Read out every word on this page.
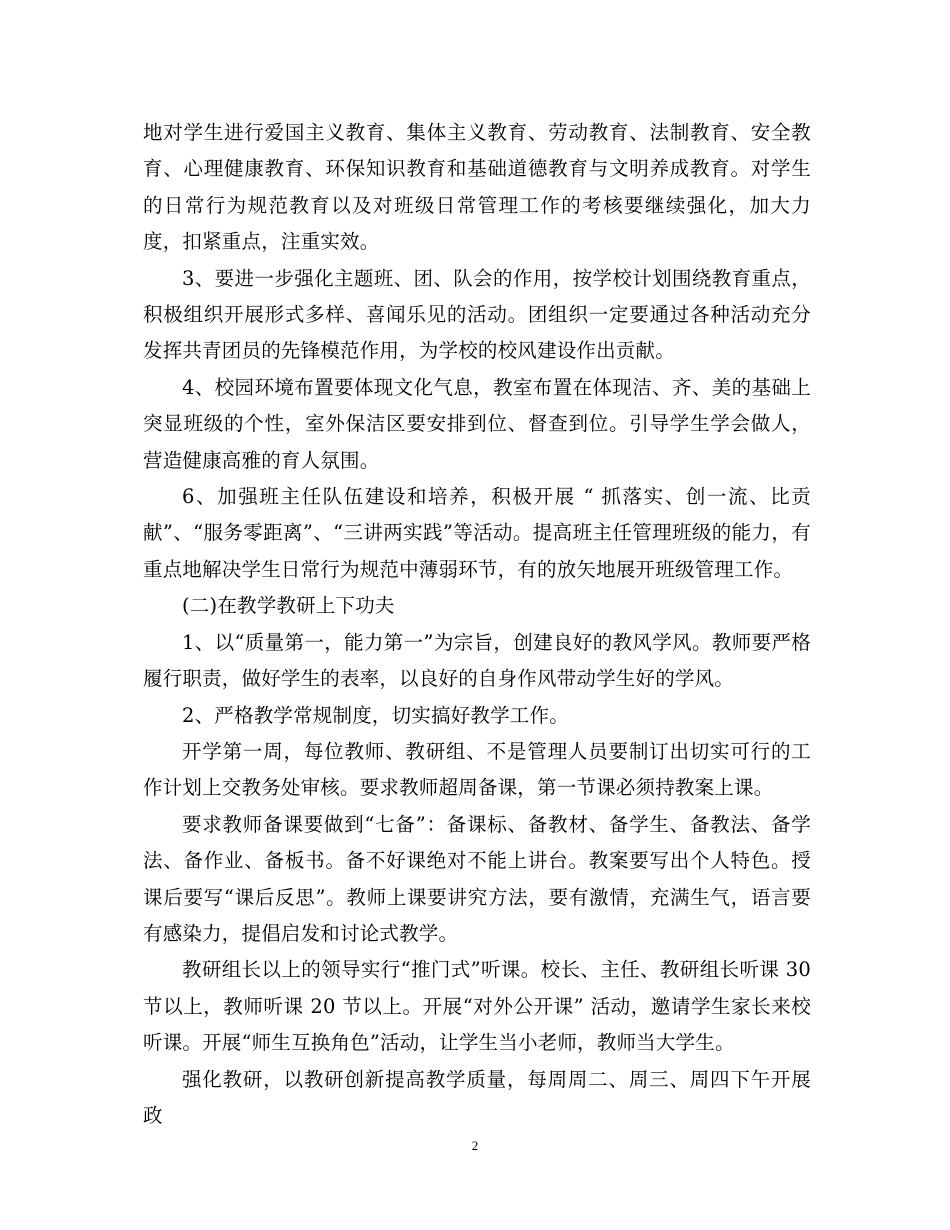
地对学生进行爱国主义教育、集体主义教育、劳动教育、法制教育、安全教育、心理健康教育、环保知识教育和基础道德教育与文明养成教育。对学生的日常行为规范教育以及对班级日常管理工作的考核要继续强化，加大力度，扣紧重点，注重实效。

3、要进一步强化主题班、团、队会的作用，按学校计划围绕教育重点，积极组织开展形式多样、喜闻乐见的活动。团组织一定要通过各种活动充分发挥共青团员的先锋模范作用，为学校的校风建设作出贡献。

4、校园环境布置要体现文化气息，教室布置在体现洁、齐、美的基础上突显班级的个性，室外保洁区要安排到位、督查到位。引导学生学会做人，营造健康高雅的育人氛围。

6、加强班主任队伍建设和培养，积极开展 “ 抓落实、创一流、比贡献”、“服务零距离”、“三讲两实践”等活动。提高班主任管理班级的能力，有重点地解决学生日常行为规范中薄弱环节，有的放矢地展开班级管理工作。

(二)在教学教研上下功夫

1、以“质量第一，能力第一”为宗旨，创建良好的教风学风。教师要严格履行职责，做好学生的表率，以良好的自身作风带动学生好的学风。

2、严格教学常规制度，切实搞好教学工作。

开学第一周，每位教师、教研组、不是管理人员要制订出切实可行的工作计划上交教务处审核。要求教师超周备课，第一节课必须持教案上课。

要求教师备课要做到“七备”：备课标、备教材、备学生、备教法、备学法、备作业、备板书。备不好课绝对不能上讲台。教案要写出个人特色。授课后要写“课后反思”。教师上课要讲究方法，要有激情，充满生气，语言要有感染力，提倡启发和讨论式教学。

教研组长以上的领导实行“推门式”听课。校长、主任、教研组长听课 30 节以上，教师听课 20 节以上。开展“对外公开课” 活动，邀请学生家长来校听课。开展“师生互换角色”活动，让学生当小老师，教师当大学生。

强化教研，以教研创新提高教学质量，每周周二、周三、周四下午开展政

2
